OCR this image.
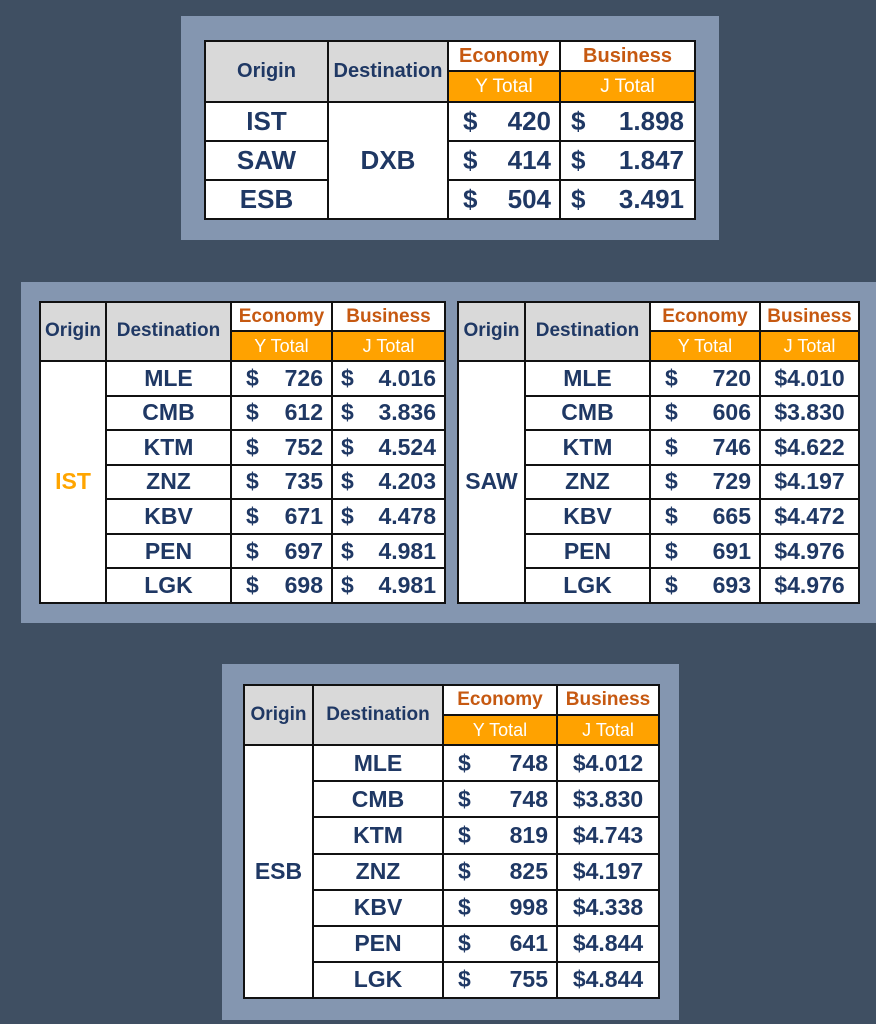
Origin	Destination	Economy	Business
		Y Total	J Total
IST	DXB	$ 420	$ 1.898
SAW		$ 414	$ 1.847
ESB		$ 504	$ 3.491
Origin	Destination	Economy	Business
		Y Total	J Total
IST	MLE	$ 726	$ 4.016
	CMB	$ 612	$ 3.836
	KTM	$ 752	$ 4.524
	ZNZ	$ 735	$ 4.203
	KBV	$ 671	$ 4.478
	PEN	$ 697	$ 4.981
	LGK	$ 698	$ 4.981
Origin	Destination	Economy	Business
		Y Total	J Total
SAW	MLE	$ 720	$4.010
	CMB	$ 606	$3.830
	KTM	$ 746	$4.622
	ZNZ	$ 729	$4.197
	KBV	$ 665	$4.472
	PEN	$ 691	$4.976
	LGK	$ 693	$4.976
Origin	Destination	Economy	Business
		Y Total	J Total
ESB	MLE	$ 748	$4.012
	CMB	$ 748	$3.830
	KTM	$ 819	$4.743
	ZNZ	$ 825	$4.197
	KBV	$ 998	$4.338
	PEN	$ 641	$4.844
	LGK	$ 755	$4.844
